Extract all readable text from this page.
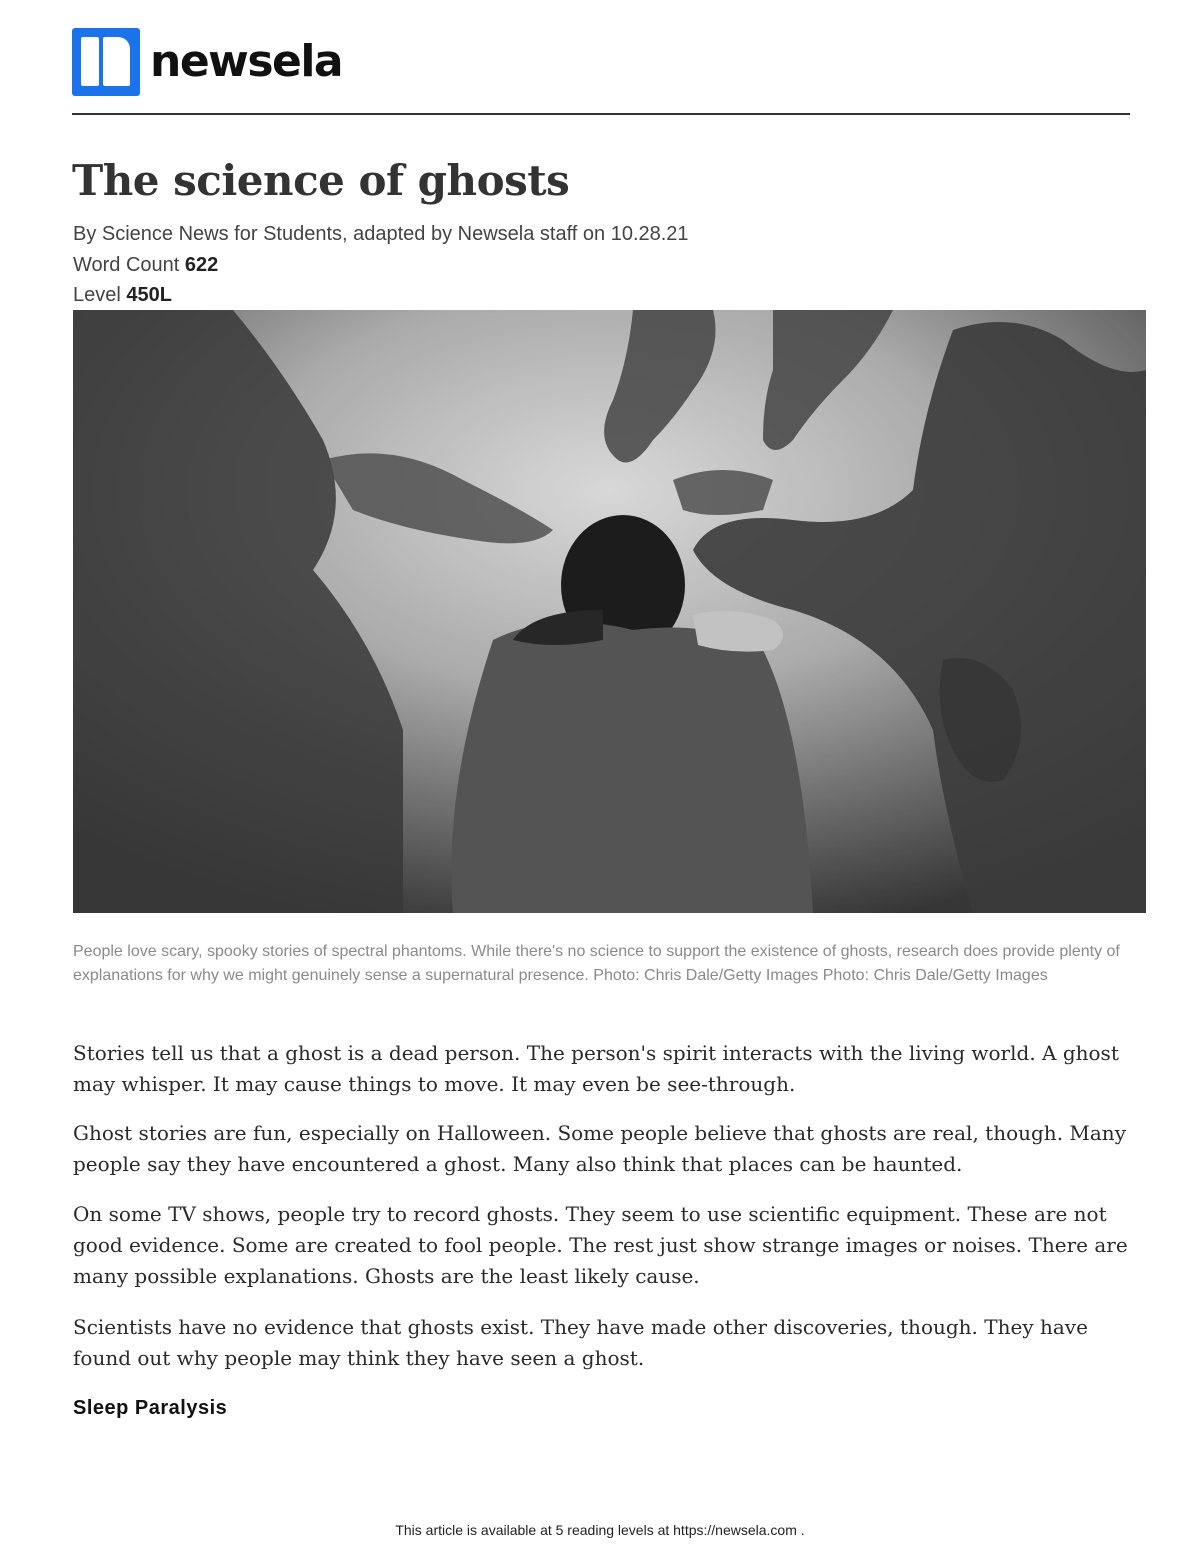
newsela
The science of ghosts
By Science News for Students, adapted by Newsela staff on 10.28.21
Word Count 622
Level 450L
People love scary, spooky stories of spectral phantoms. While there's no science to support the existence of ghosts, research does provide plenty of explanations for why we might genuinely sense a supernatural presence. Photo: Chris Dale/Getty Images Photo: Chris Dale/Getty Images

Stories tell us that a ghost is a dead person. The person's spirit interacts with the living world. A ghost may whisper. It may cause things to move. It may even be see-through.

Ghost stories are fun, especially on Halloween. Some people believe that ghosts are real, though. Many people say they have encountered a ghost. Many also think that places can be haunted.

On some TV shows, people try to record ghosts. They seem to use scientific equipment. These are not good evidence. Some are created to fool people. The rest just show strange images or noises. There are many possible explanations. Ghosts are the least likely cause.

Scientists have no evidence that ghosts exist. They have made other discoveries, though. They have found out why people may think they have seen a ghost.

Sleep Paralysis
This article is available at 5 reading levels at https://newsela.com .
